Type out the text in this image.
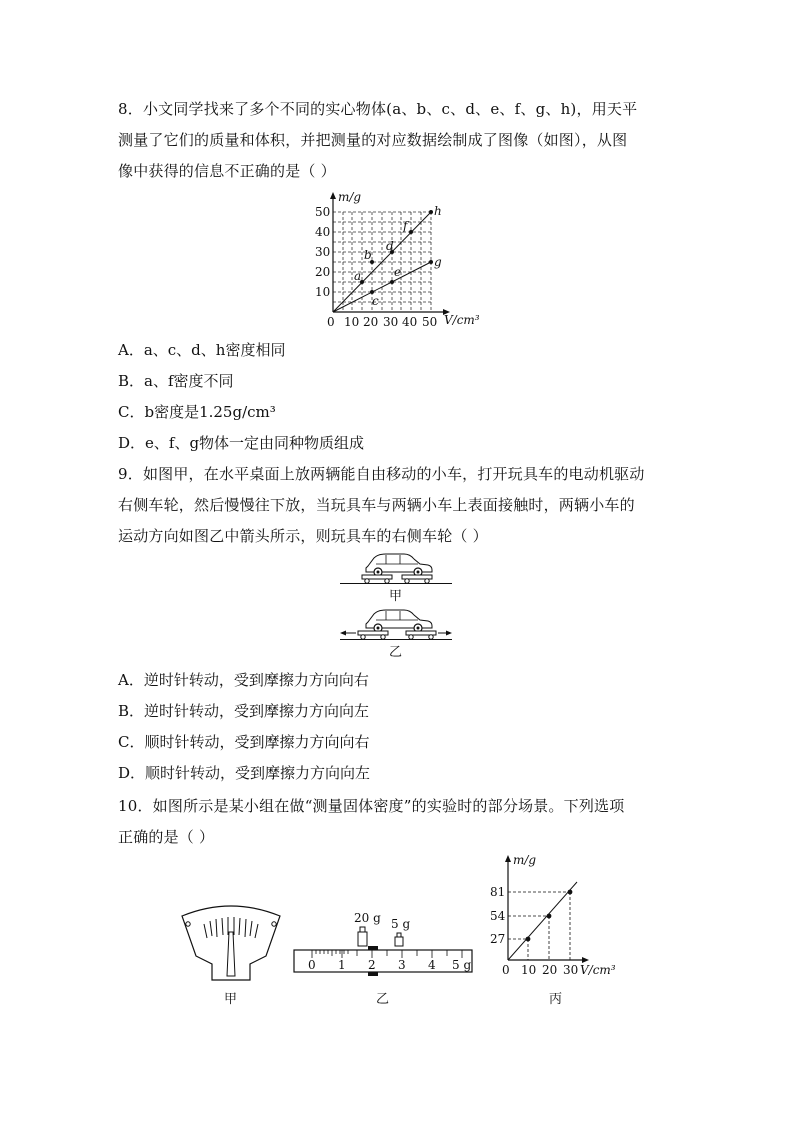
8．小文同学找来了多个不同的实心物体(a、b、c、d、e、f、g、h)，用天平
测量了它们的质量和体积，并把测量的对应数据绘制成了图像（如图），从图
像中获得的信息不正确的是（ ）
a
b
c
d
e
f
g
h
m/g
V/cm³
0 10 20 30 40 50
10
20
30
40
50
A．a、c、d、h密度相同
B．a、f密度不同
C．b密度是1.25g/cm³
D．e、f、g物体一定由同种物质组成
9．如图甲，在水平桌面上放两辆能自由移动的小车，打开玩具车的电动机驱动
右侧车轮，然后慢慢往下放，当玩具车与两辆小车上表面接触时，两辆小车的
运动方向如图乙中箭头所示，则玩具车的右侧车轮（ ）
甲
乙
A．逆时针转动，受到摩擦力方向向右
B．逆时针转动，受到摩擦力方向向左
C．顺时针转动，受到摩擦力方向向右
D．顺时针转动，受到摩擦力方向向左
10．如图所示是某小组在做“测量固体密度”的实验时的部分场景。下列选项
正确的是（ ）
甲
20 g 5 g
0 1 2 3 4 5 g
乙
m/g
V/cm³
0 10 20 30
27
54
81
丙
